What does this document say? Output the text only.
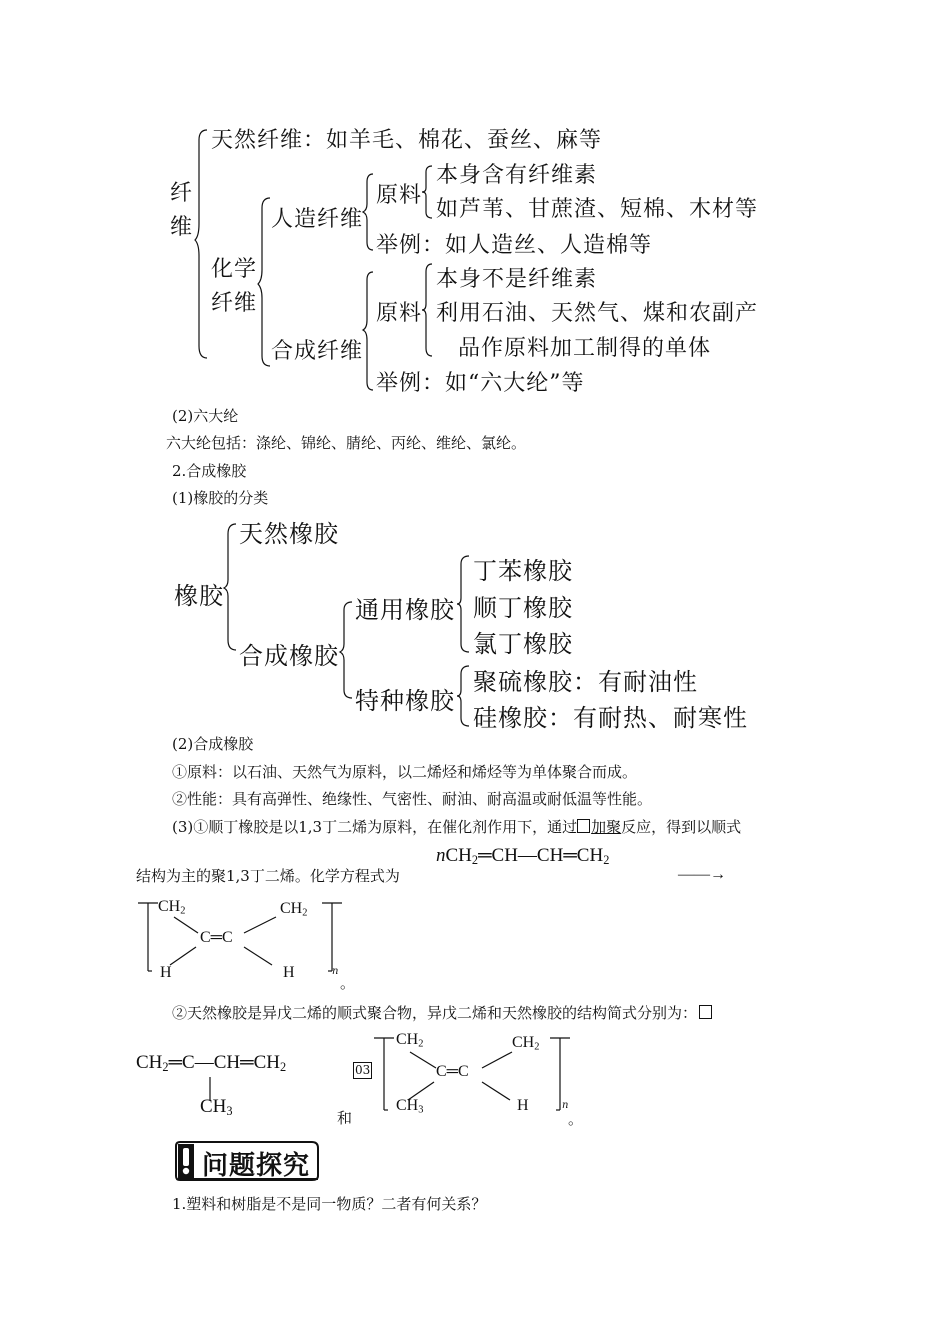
纤
维
天然纤维：如羊毛、棉花、蚕丝、麻等
化学
纤维
人造纤维
原料
本身含有纤维素
如芦苇、甘蔗渣、短棉、木材等
举例：如人造丝、人造棉等
合成纤维
原料
本身不是纤维素
利用石油、天然气、煤和农副产
品作原料加工制得的单体
举例：如“六大纶”等
(2)六大纶
六大纶包括：涤纶、锦纶、腈纶、丙纶、维纶、氯纶。
2.合成橡胶
(1)橡胶的分类
橡胶
天然橡胶
合成橡胶
通用橡胶
丁苯橡胶
顺丁橡胶
氯丁橡胶
特种橡胶
聚硫橡胶：有耐油性
硅橡胶：有耐热、耐寒性
(2)合成橡胶
①原料：以石油、天然气为原料，以二烯烃和烯烃等为单体聚合而成。
②性能：具有高弹性、绝缘性、气密性、耐油、耐高温或耐低温等性能。
(3)①顺丁橡胶是以1,3丁二烯为原料，在催化剂作用下，通过 加聚反应，得到以顺式
结构为主的聚1,3丁二烯。化学方程式为
$nCH_2═CH—CH═CH_2$
——→
$CH_2$	$CH_2$
C═C
H	H	n
。
②天然橡胶是异戊二烯的顺式聚合物，异戊二烯和天然橡胶的结构简式分别为：
$CH_2═C—CH═CH_2$
$CH_3$
03
和
$CH_2$	$CH_2$
C═C
$CH_3$	H	n
。
问题探究
1.塑料和树脂是不是同一物质？二者有何关系？
